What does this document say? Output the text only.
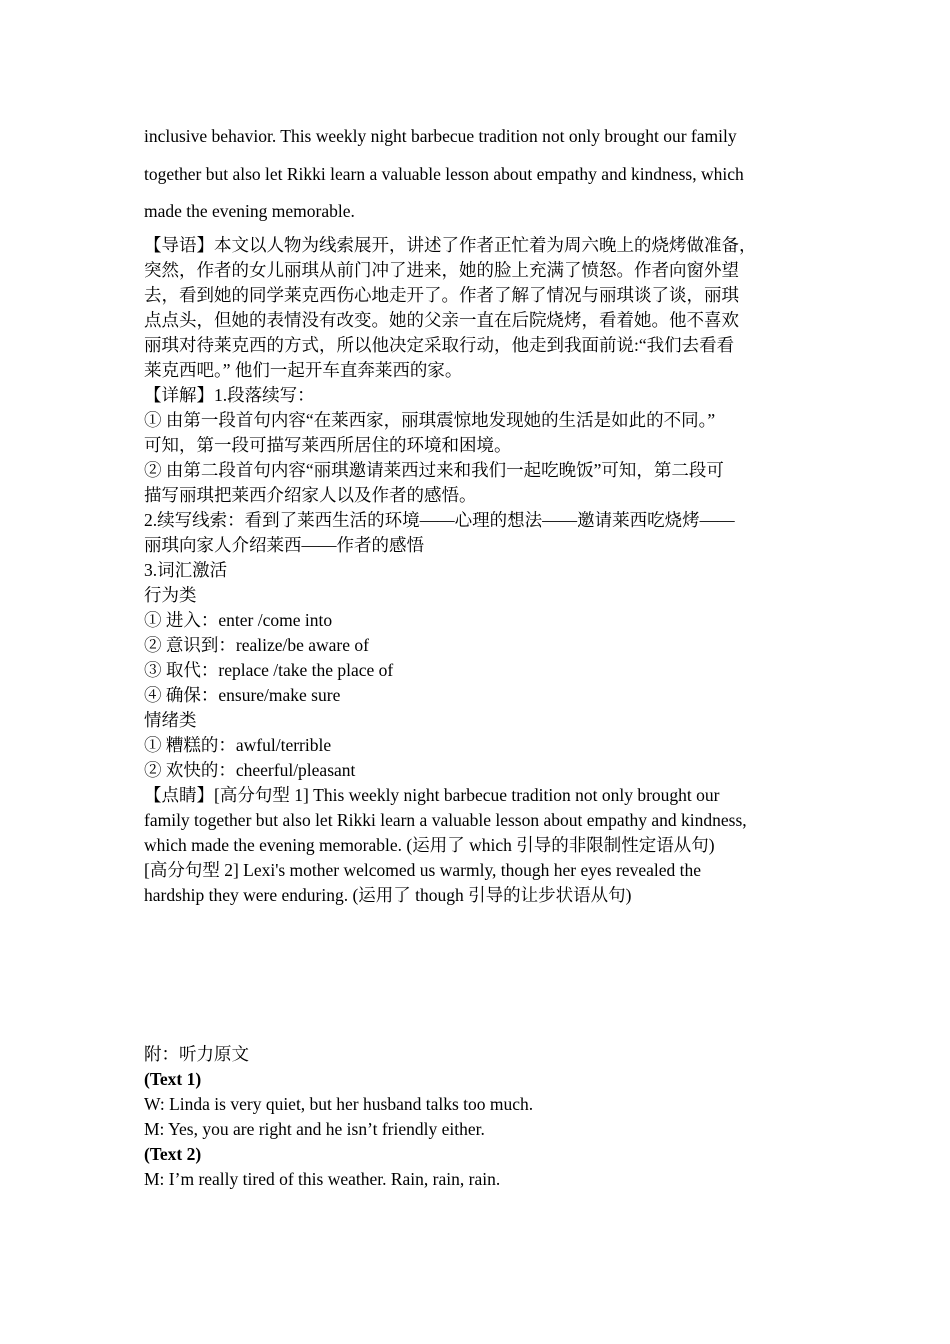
inclusive behavior. This weekly night barbecue tradition not only brought our family

together but also let Rikki learn a valuable lesson about empathy and kindness, which

made the evening memorable.

【导语】本文以人物为线索展开，讲述了作者正忙着为周六晚上的烧烤做准备，
突然，作者的女儿丽琪从前门冲了进来，她的脸上充满了愤怒。作者向窗外望
去，看到她的同学莱克西伤心地走开了。作者了解了情况与丽琪谈了谈，丽琪
点点头，但她的表情没有改变。她的父亲一直在后院烧烤，看着她。他不喜欢
丽琪对待莱克西的方式，所以他决定采取行动，他走到我面前说:“我们去看看
莱克西吧。” 他们一起开车直奔莱西的家。
【详解】1.段落续写：
① 由第一段首句内容“在莱西家，丽琪震惊地发现她的生活是如此的不同。”
可知，第一段可描写莱西所居住的环境和困境。
② 由第二段首句内容“丽琪邀请莱西过来和我们一起吃晚饭”可知，第二段可
描写丽琪把莱西介绍家人以及作者的感悟。
2.续写线索：看到了莱西生活的环境——心理的想法——邀请莱西吃烧烤——
丽琪向家人介绍莱西——作者的感悟
3.词汇激活
行为类
① 进入：enter /come into
② 意识到：realize/be aware of
③ 取代：replace /take the place of
④ 确保：ensure/make sure
情绪类
① 糟糕的：awful/terrible
② 欢快的：cheerful/pleasant
【点睛】[高分句型 1] This weekly night barbecue tradition not only brought our
family together but also let Rikki learn a valuable lesson about empathy and kindness,
which made the evening memorable. (运用了 which 引导的非限制性定语从句)
[高分句型 2] Lexi's mother welcomed us warmly, though her eyes revealed the
hardship they were enduring. (运用了 though 引导的让步状语从句)
附：听力原文
(Text 1)
W: Linda is very quiet, but her husband talks too much.
M: Yes, you are right and he isn’t friendly either.
(Text 2)
M: I’m really tired of this weather. Rain, rain, rain.
